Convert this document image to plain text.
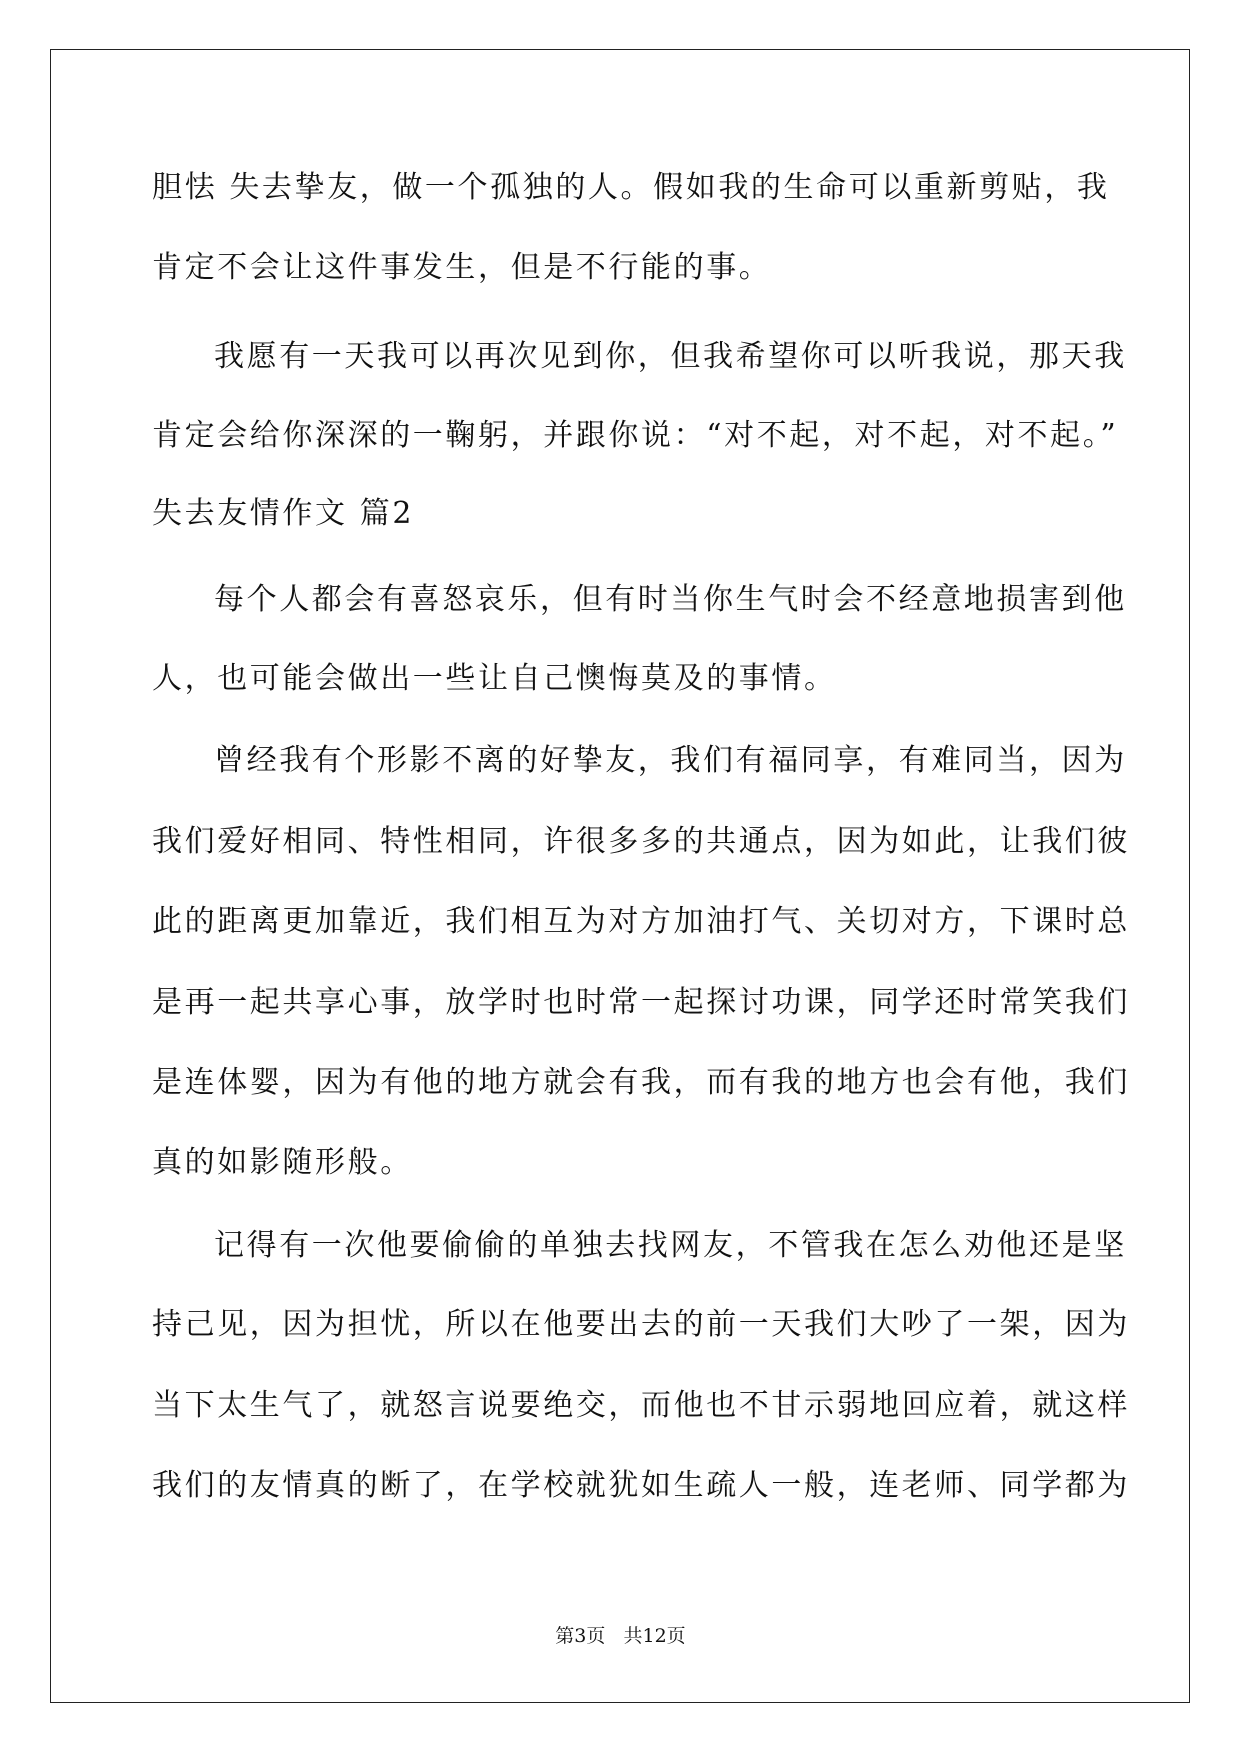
胆怯 失去挚友，做一个孤独的人。假如我的生命可以重新剪贴，我
肯定不会让这件事发生，但是不行能的事。
我愿有一天我可以再次见到你，但我希望你可以听我说，那天我
肯定会给你深深的一鞠躬，并跟你说：“对不起，对不起，对不起。”
失去友情作文 篇2
每个人都会有喜怒哀乐，但有时当你生气时会不经意地损害到他
人，也可能会做出一些让自己懊悔莫及的事情。
曾经我有个形影不离的好挚友，我们有福同享，有难同当，因为
我们爱好相同、特性相同，许很多多的共通点，因为如此，让我们彼
此的距离更加靠近，我们相互为对方加油打气、关切对方，下课时总
是再一起共享心事，放学时也时常一起探讨功课，同学还时常笑我们
是连体婴，因为有他的地方就会有我，而有我的地方也会有他，我们
真的如影随形般。
记得有一次他要偷偷的单独去找网友，不管我在怎么劝他还是坚
持己见，因为担忧，所以在他要出去的前一天我们大吵了一架，因为
当下太生气了，就怒言说要绝交，而他也不甘示弱地回应着，就这样
我们的友情真的断了，在学校就犹如生疏人一般，连老师、同学都为
第3页   共12页
